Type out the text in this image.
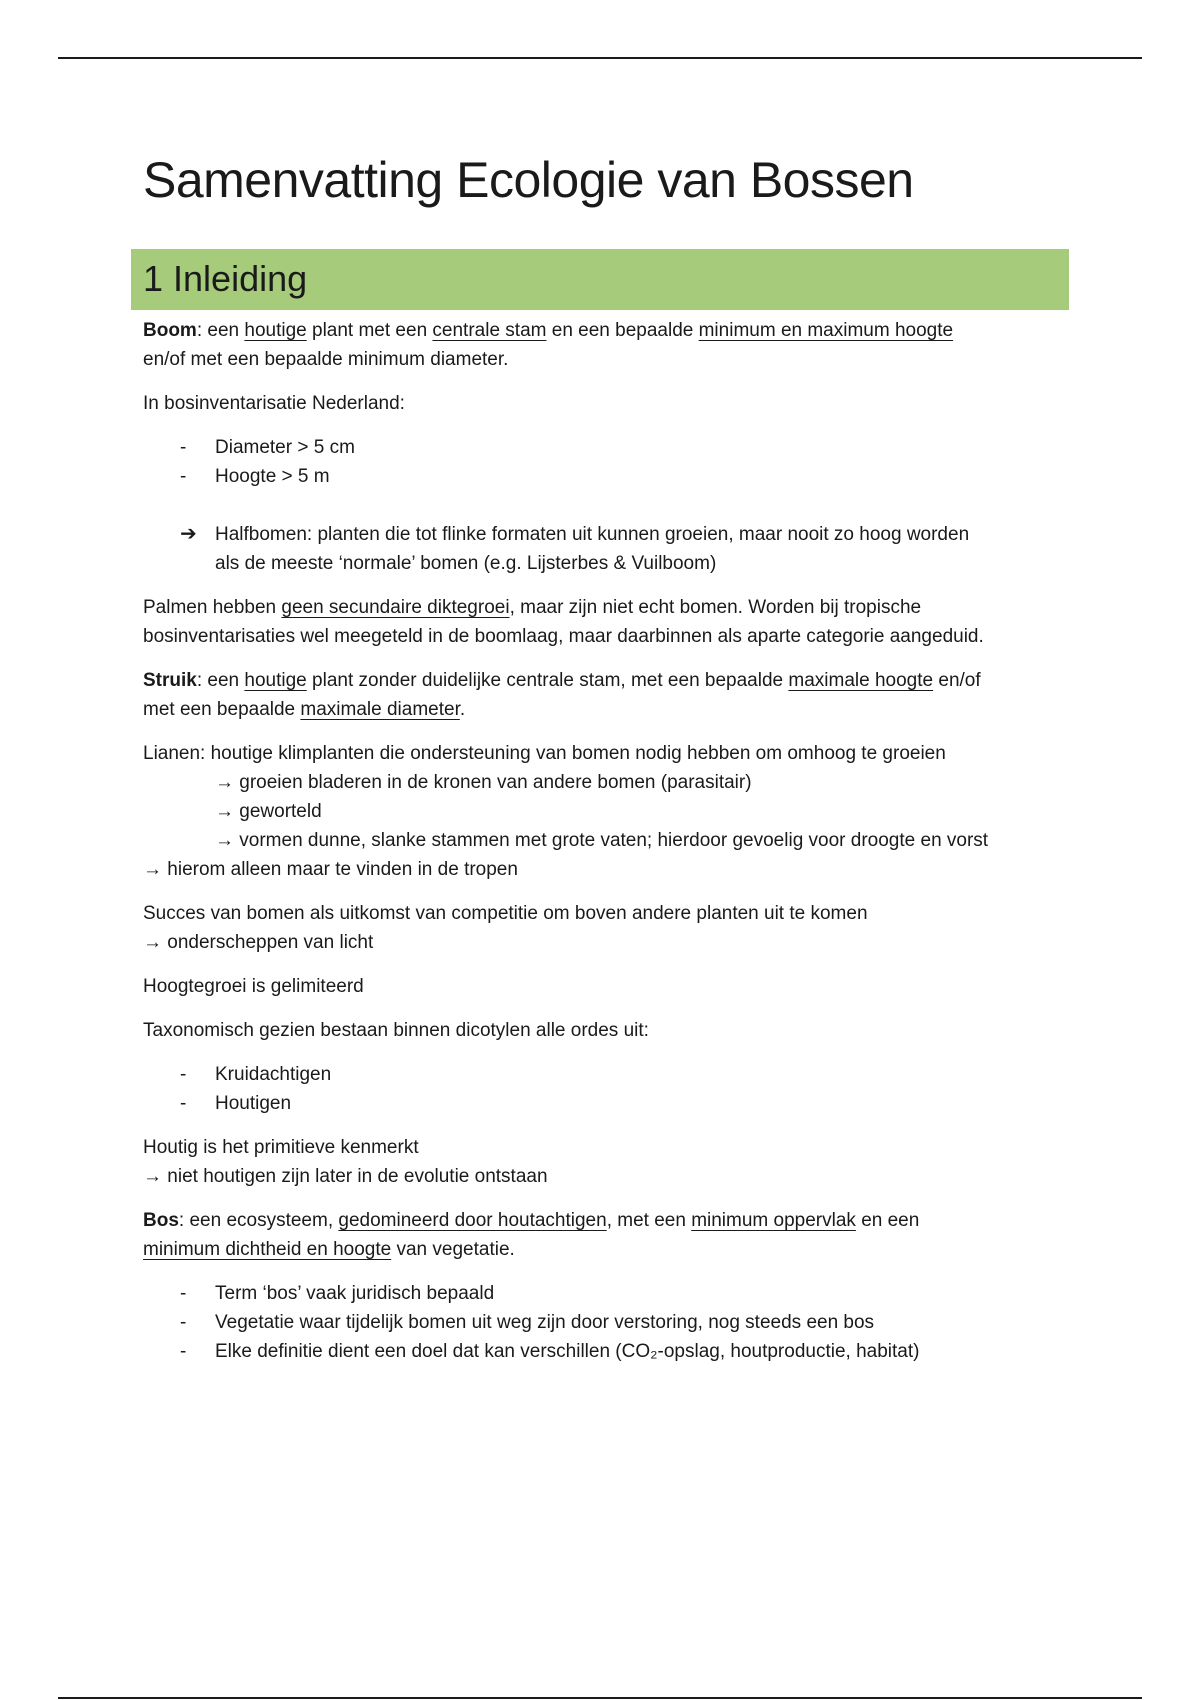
Samenvatting Ecologie van Bossen
1 Inleiding

Boom: een houtige plant met een centrale stam en een bepaalde minimum en maximum hoogte
en/of met een bepaalde minimum diameter.

In bosinventarisatie Nederland:

- Diameter > 5 cm
- Hoogte > 5 m
➔ Halfbomen: planten die tot flinke formaten uit kunnen groeien, maar nooit zo hoog worden
als de meeste ‘normale’ bomen (e.g. Lijsterbes & Vuilboom)

Palmen hebben geen secundaire diktegroei, maar zijn niet echt bomen. Worden bij tropische
bosinventarisaties wel meegeteld in de boomlaag, maar daarbinnen als aparte categorie aangeduid.

Struik: een houtige plant zonder duidelijke centrale stam, met een bepaalde maximale hoogte en/of
met een bepaalde maximale diameter.

Lianen: houtige klimplanten die ondersteuning van bomen nodig hebben om omhoog te groeien
→ groeien bladeren in de kronen van andere bomen (parasitair)
→ geworteld
→ vormen dunne, slanke stammen met grote vaten; hierdoor gevoelig voor droogte en vorst
→ hierom alleen maar te vinden in de tropen

Succes van bomen als uitkomst van competitie om boven andere planten uit te komen
→ onderscheppen van licht

Hoogtegroei is gelimiteerd

Taxonomisch gezien bestaan binnen dicotylen alle ordes uit:

- Kruidachtigen
- Houtigen

Houtig is het primitieve kenmerkt
→ niet houtigen zijn later in de evolutie ontstaan

Bos: een ecosysteem, gedomineerd door houtachtigen, met een minimum oppervlak en een
minimum dichtheid en hoogte van vegetatie.

- Term ‘bos’ vaak juridisch bepaald
- Vegetatie waar tijdelijk bomen uit weg zijn door verstoring, nog steeds een bos
- Elke definitie dient een doel dat kan verschillen (CO₂-opslag, houtproductie, habitat)
